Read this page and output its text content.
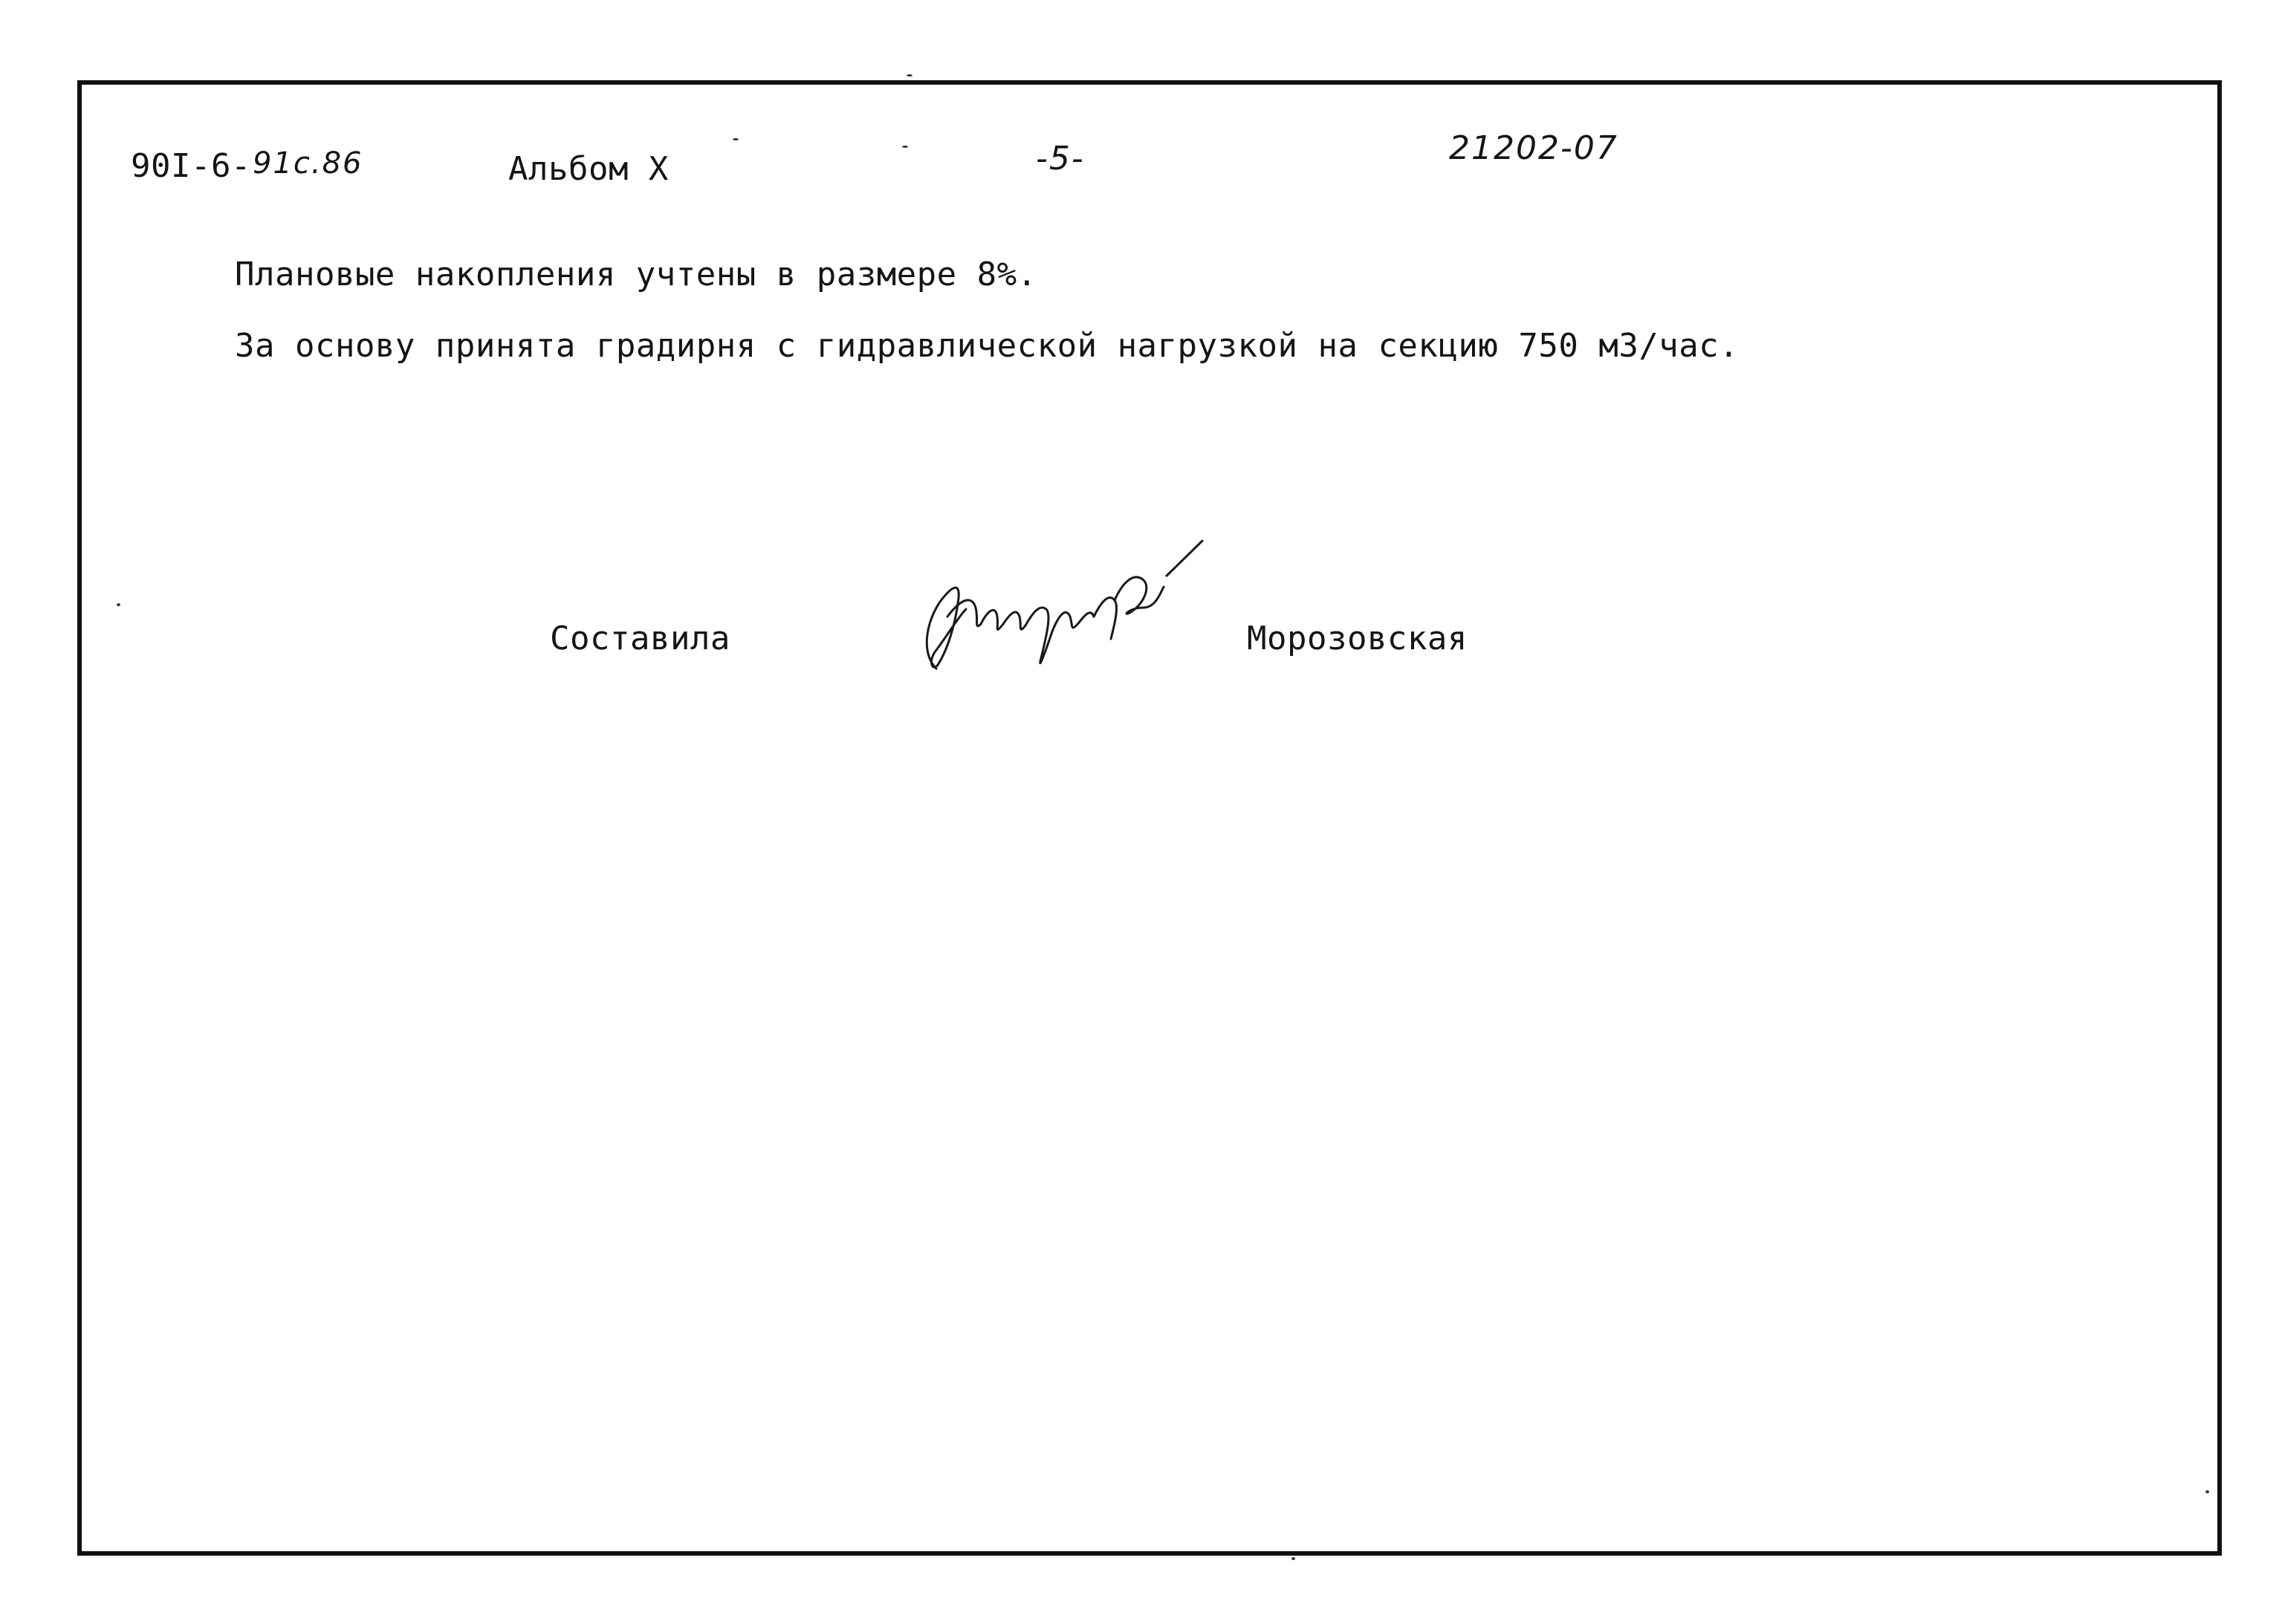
90I-6- 91c.86	Альбом X	-5-	21202-07
Плановые накопления учтены в размере 8%.
За основу принята градирня с гидравлической нагрузкой на секцию 750 м3/час.
Составила	Морозовская
